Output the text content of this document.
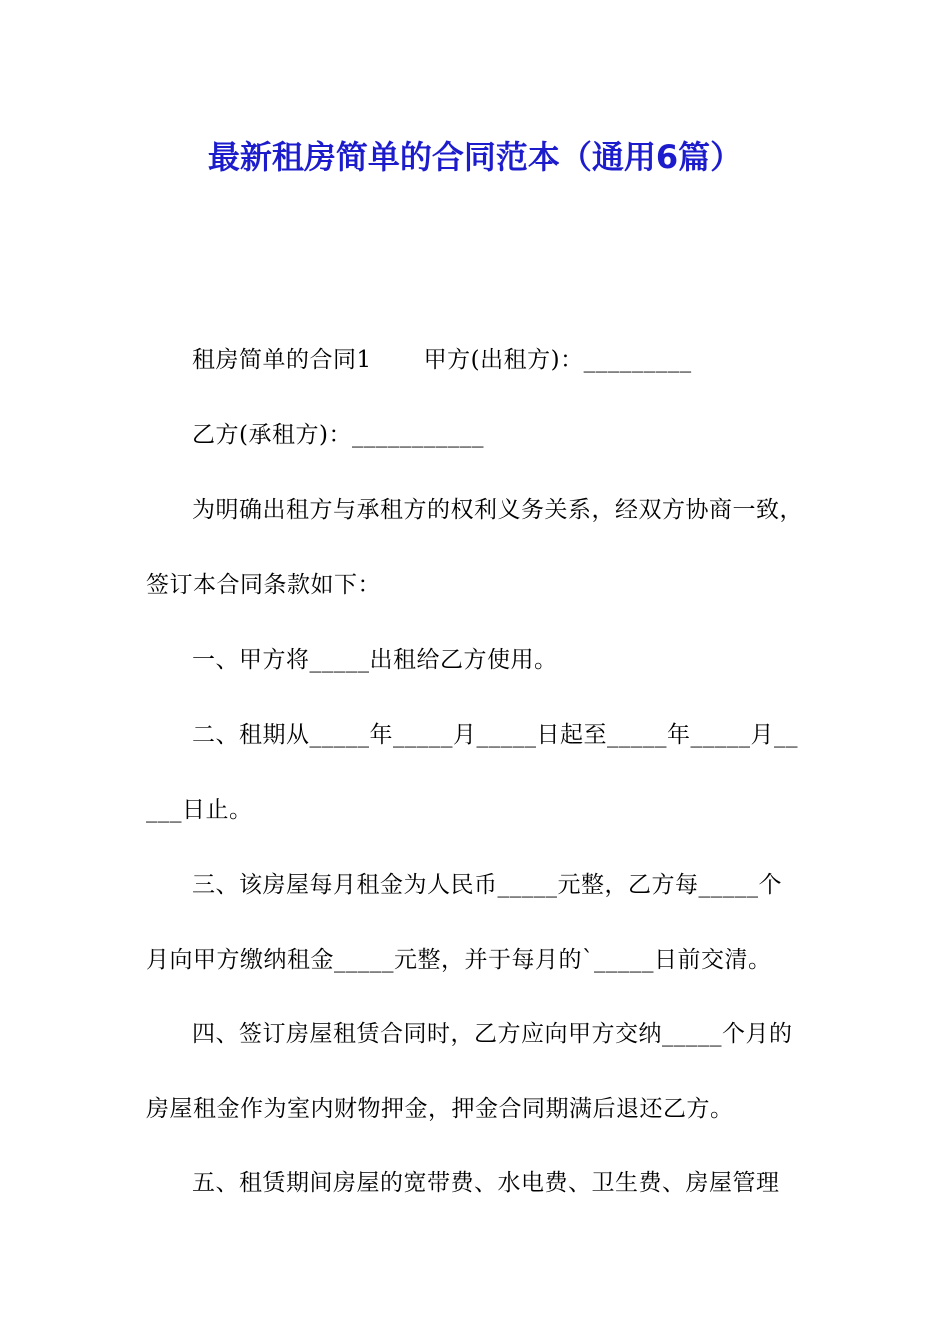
最新租房简单的合同范本（通用6篇）
租房简单的合同1 甲方(出租方)：_________
乙方(承租方)：___________
为明确出租方与承租方的权利义务关系，经双方协商一致，
签订本合同条款如下：
一、甲方将_____出租给乙方使用。
二、租期从_____年_____月_____日起至_____年_____月__
___日止。
三、该房屋每月租金为人民币_____元整，乙方每_____个
月向甲方缴纳租金_____元整，并于每月的`_____日前交清。
四、签订房屋租赁合同时，乙方应向甲方交纳_____个月的
房屋租金作为室内财物押金，押金合同期满后退还乙方。
五、租赁期间房屋的宽带费、水电费、卫生费、房屋管理
